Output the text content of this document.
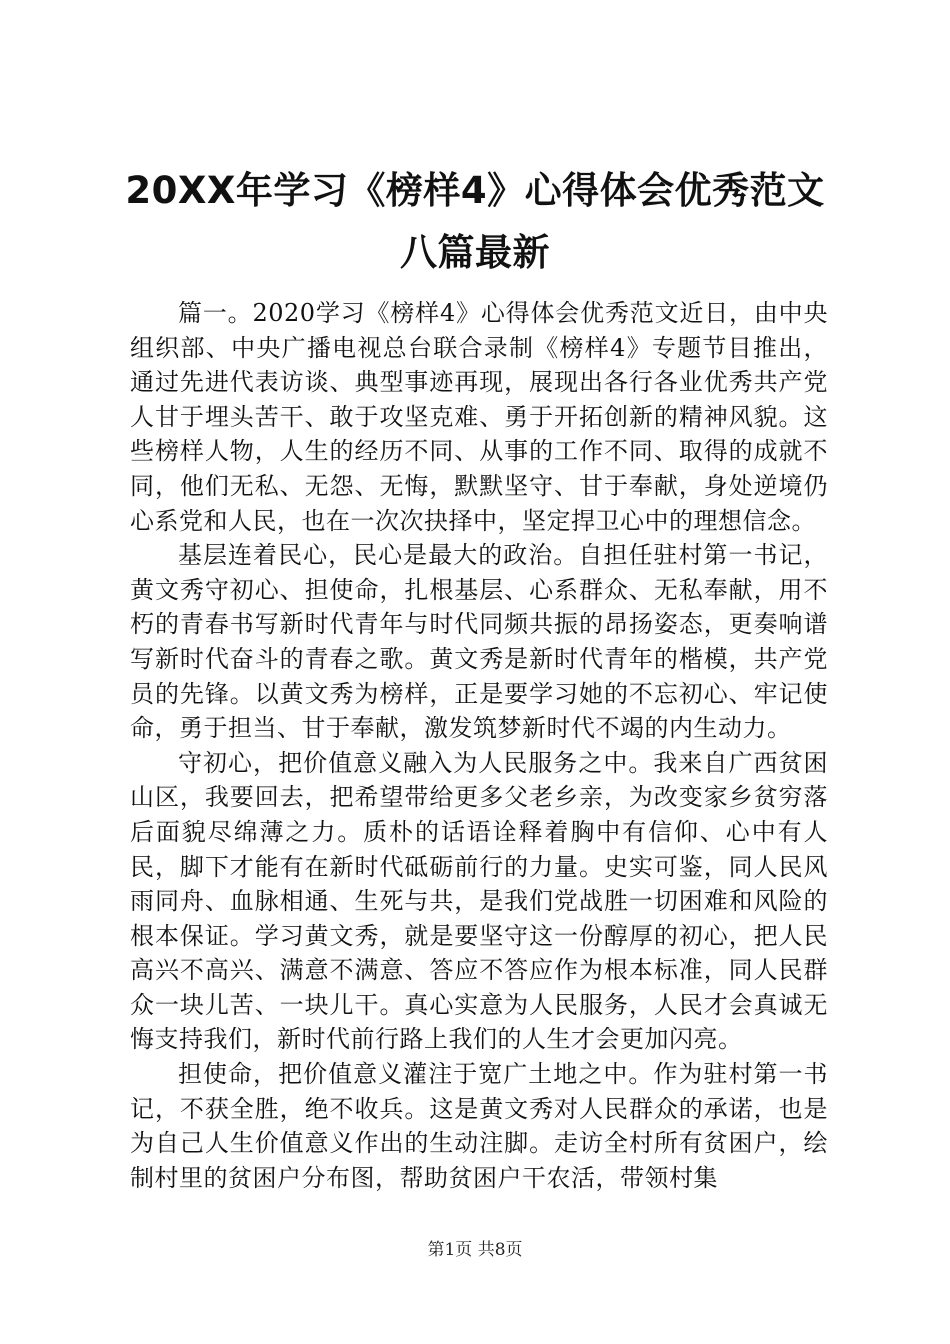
20XX年学习《榜样4》心得体会优秀范文八篇最新

篇一。2020学习《榜样4》心得体会优秀范文近日，由中央组织部、中央广播电视总台联合录制《榜样4》专题节目推出，通过先进代表访谈、典型事迹再现，展现出各行各业优秀共产党人甘于埋头苦干、敢于攻坚克难、勇于开拓创新的精神风貌。这些榜样人物，人生的经历不同、从事的工作不同、取得的成就不同，他们无私、无怨、无悔，默默坚守、甘于奉献，身处逆境仍心系党和人民，也在一次次抉择中，坚定捍卫心中的理想信念。

基层连着民心，民心是最大的政治。自担任驻村第一书记，黄文秀守初心、担使命，扎根基层、心系群众、无私奉献，用不朽的青春书写新时代青年与时代同频共振的昂扬姿态，更奏响谱写新时代奋斗的青春之歌。黄文秀是新时代青年的楷模，共产党员的先锋。以黄文秀为榜样，正是要学习她的不忘初心、牢记使命，勇于担当、甘于奉献，激发筑梦新时代不竭的内生动力。

守初心，把价值意义融入为人民服务之中。我来自广西贫困山区，我要回去，把希望带给更多父老乡亲，为改变家乡贫穷落后面貌尽绵薄之力。质朴的话语诠释着胸中有信仰、心中有人民，脚下才能有在新时代砥砺前行的力量。史实可鉴，同人民风雨同舟、血脉相通、生死与共，是我们党战胜一切困难和风险的根本保证。学习黄文秀，就是要坚守这一份醇厚的初心，把人民高兴不高兴、满意不满意、答应不答应作为根本标准，同人民群众一块儿苦、一块儿干。真心实意为人民服务，人民才会真诚无悔支持我们，新时代前行路上我们的人生才会更加闪亮。

担使命，把价值意义灌注于宽广土地之中。作为驻村第一书记，不获全胜，绝不收兵。这是黄文秀对人民群众的承诺，也是为自己人生价值意义作出的生动注脚。走访全村所有贫困户，绘制村里的贫困户分布图，帮助贫困户干农活，带领村集

第1页 共8页
